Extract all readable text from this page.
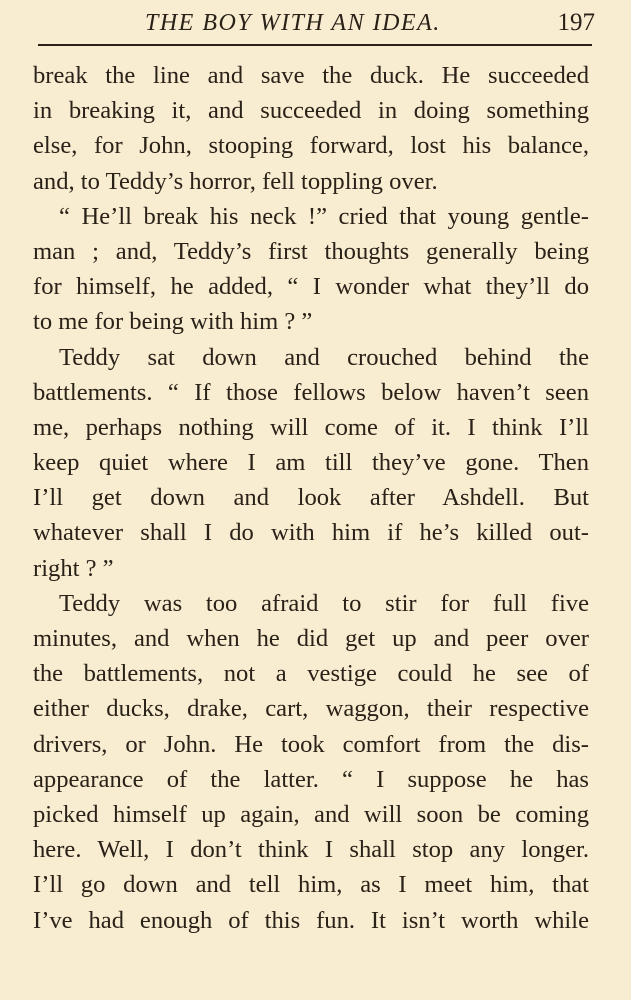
THE BOY WITH AN IDEA.	197
break the line and save the duck. He succeeded
in breaking it, and succeeded in doing something
else, for John, stooping forward, lost his balance,
and, to Teddy’s horror, fell toppling over.
“ He’ll break his neck !” cried that young gentle-
man ; and, Teddy’s first thoughts generally being
for himself, he added, “ I wonder what they’ll do
to me for being with him ? ”
Teddy sat down and crouched behind the
battlements. “ If those fellows below haven’t seen
me, perhaps nothing will come of it. I think I’ll
keep quiet where I am till they’ve gone. Then
I’ll get down and look after Ashdell. But
whatever shall I do with him if he’s killed out-
right ? ”
Teddy was too afraid to stir for full five
minutes, and when he did get up and peer over
the battlements, not a vestige could he see of
either ducks, drake, cart, waggon, their respective
drivers, or John. He took comfort from the dis-
appearance of the latter. “ I suppose he has
picked himself up again, and will soon be coming
here. Well, I don’t think I shall stop any longer.
I’ll go down and tell him, as I meet him, that
I’ve had enough of this fun. It isn’t worth while
